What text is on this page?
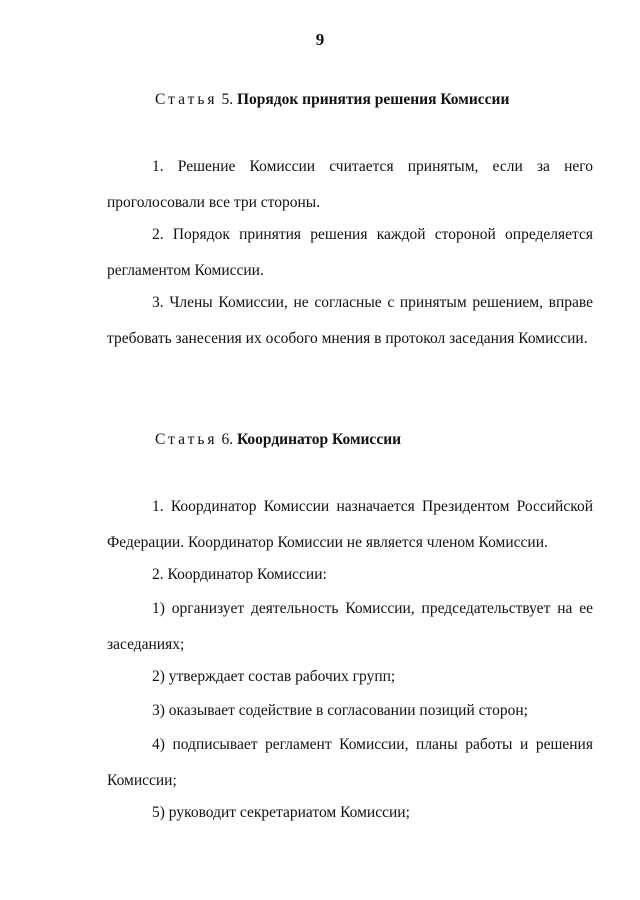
9
Статья 5. Порядок принятия решения Комиссии

1. Решение Комиссии считается принятым, если за него проголосовали все три стороны.

2. Порядок принятия решения каждой стороной определяется регламентом Комиссии.

3. Члены Комиссии, не согласные с принятым решением, вправе требовать занесения их особого мнения в протокол заседания Комиссии.

Статья 6. Координатор Комиссии

1. Координатор Комиссии назначается Президентом Российской Федерации. Координатор Комиссии не является членом Комиссии.

2. Координатор Комиссии:

1) организует деятельность Комиссии, председательствует на ее заседаниях;

2) утверждает состав рабочих групп;

3) оказывает содействие в согласовании позиций сторон;

4) подписывает регламент Комиссии, планы работы и решения Комиссии;

5) руководит секретариатом Комиссии;
